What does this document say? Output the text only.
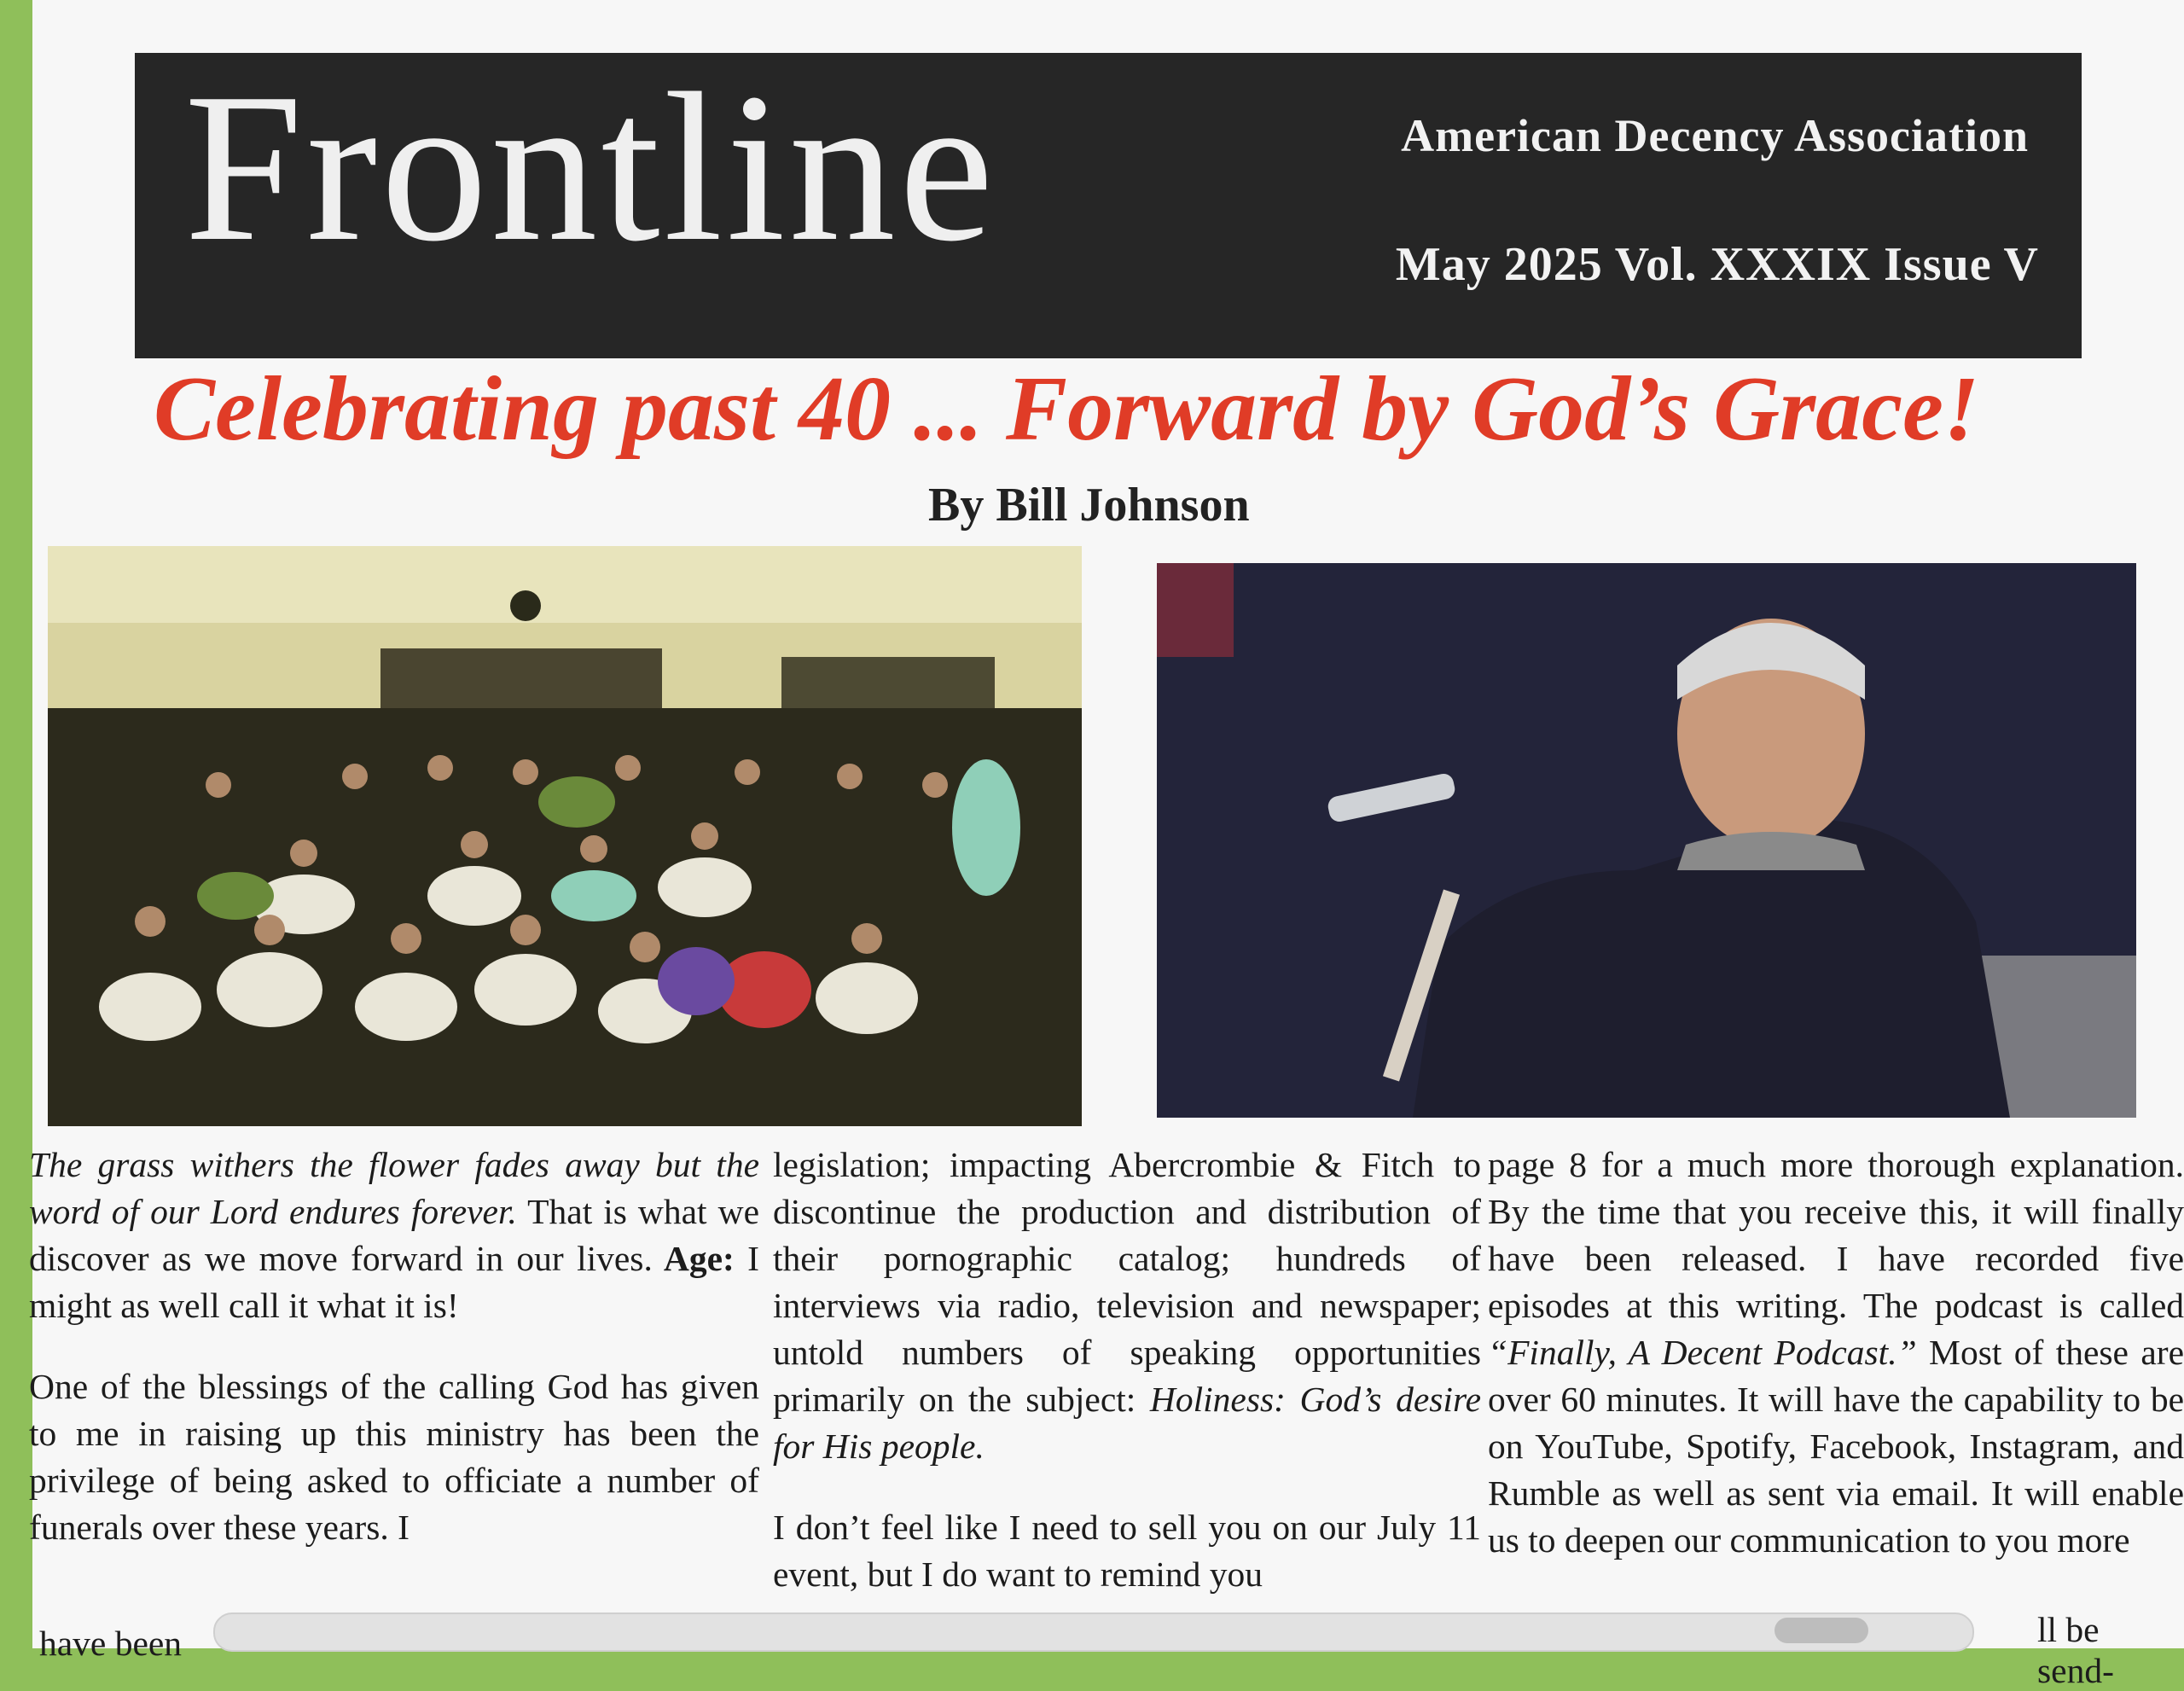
Frontline	American Decency Association
May 2025 Vol. XXXIX Issue V
Celebrating past 40 ... Forward by God’s Grace!
By Bill Johnson

The grass withers the flower fades away but the word of our Lord endures forever. That is what we discover as we move forward in our lives. Age: I might as well call it what it is!

One of the blessings of the calling God has given to me in raising up this ministry has been the privilege of being asked to officiate a number of funerals over these years. I

legislation; impacting Abercrombie & Fitch to discontinue the production and distribution of their pornographic catalog; hundreds of interviews via radio, television and newspaper; untold numbers of speaking opportunities primarily on the subject: Holiness: God’s desire for His people.

I don’t feel like I need to sell you on our July 11 event, but I do want to remind you

page 8 for a much more thorough explanation. By the time that you receive this, it will finally have been released. I have recorded five episodes at this writing. The podcast is called “Finally, A Decent Podcast.” Most of these are over 60 minutes. It will have the capability to be on YouTube, Spotify, Facebook, Instagram, and Rumble as well as sent via email. It will enable us to deepen our communication to you more

have been	ll be send-
